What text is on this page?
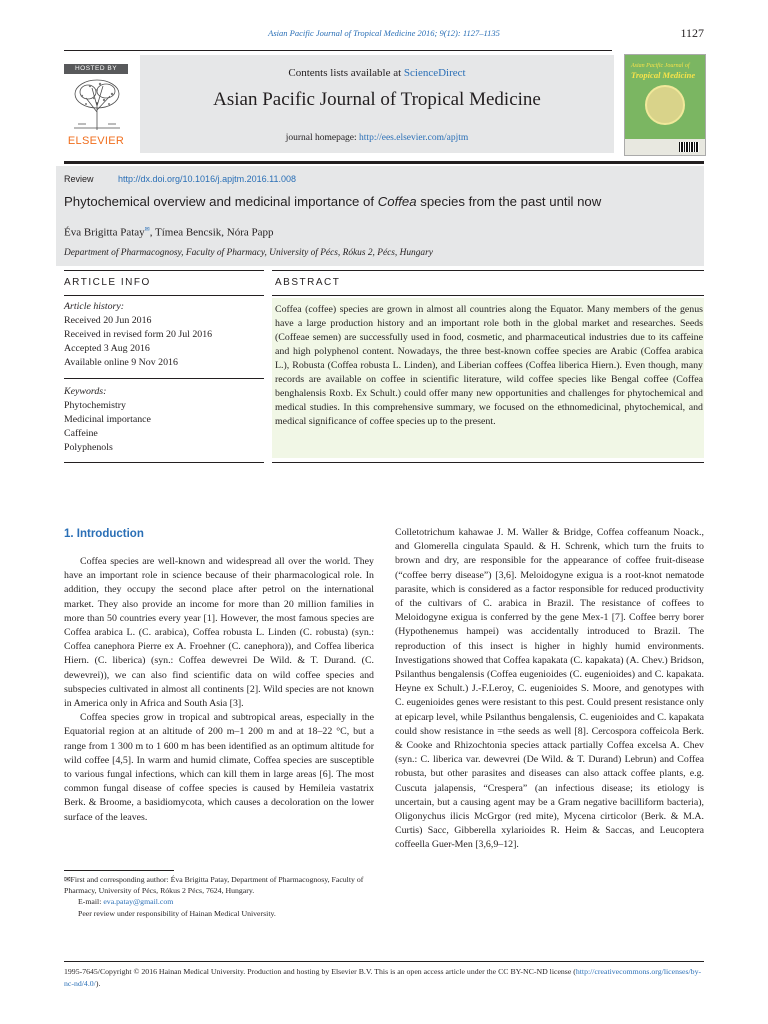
Asian Pacific Journal of Tropical Medicine 2016; 9(12): 1127–1135	1127
HOSTED BY
ELSEVIER
Contents lists available at ScienceDirect
Asian Pacific Journal of Tropical Medicine
journal homepage: http://ees.elsevier.com/apjtm
Asian Pacific Journal of
Tropical Medicine
Review	http://dx.doi.org/10.1016/j.apjtm.2016.11.008
Phytochemical overview and medicinal importance of Coffea species from the past until now
Éva Brigitta Patay✉, Tímea Bencsik, Nóra Papp
Department of Pharmacognosy, Faculty of Pharmacy, University of Pécs, Rókus 2, Pécs, Hungary
ARTICLE INFO	ABSTRACT
Article history:
Received 20 Jun 2016
Received in revised form 20 Jul 2016
Accepted 3 Aug 2016
Available online 9 Nov 2016
Keywords:
Phytochemistry
Medicinal importance
Caffeine
Polyphenols
Coffea (coffee) species are grown in almost all countries along the Equator. Many members of the genus have a large production history and an important role both in the global market and researches. Seeds (Coffeae semen) are successfully used in food, cosmetic, and pharmaceutical industries due to its caffeine and high polyphenol content. Nowadays, the three best-known coffee species are Arabic (Coffea arabica L.), Robusta (Coffea robusta L. Linden), and Liberian coffees (Coffea liberica Hiern.). Even though, many records are available on coffee in scientific literature, wild coffee species like Bengal coffee (Coffea benghalensis Roxb. Ex Schult.) could offer many new opportunities and challenges for phytochemical and medical studies. In this comprehensive summary, we focused on the ethnomedicinal, phytochemical, and medical significance of coffee species up to the present.
1. Introduction

Coffea species are well-known and widespread all over the world. They have an important role in science because of their pharmacological role. In addition, they occupy the second place after petrol on the international market. They also provide an income for more than 20 million families in more than 50 countries every year [1]. However, the most famous species are Coffea arabica L. (C. arabica), Coffea robusta L. Linden (C. robusta) (syn.: Coffea canephora Pierre ex A. Froehner (C. canephora)), and Coffea liberica Hiern. (C. liberica) (syn.: Coffea dewevrei De Wild. & T. Durand. (C. dewevrei)), we can also find scientific data on wild coffee species and subspecies cultivated in almost all continents [2]. Wild species are not known in America only in Africa and South Asia [3].

Coffea species grow in tropical and subtropical areas, especially in the Equatorial region at an altitude of 200 m–1 200 m and at 18–22 °C, but a range from 1 300 m to 1 600 m has been identified as an optimum altitude for wild coffee [4,5]. In warm and humid climate, Coffea species are susceptible to various fungal infections, which can kill them in large areas [6]. The most common fungal disease of coffee species is caused by Hemileia vastatrix Berk. & Broome, a basidiomycota, which causes a decoloration on the lower surface of the leaves.

Colletotrichum kahawae J. M. Waller & Bridge, Coffea coffeanum Noack., and Glomerella cingulata Spauld. & H. Schrenk, which turn the fruits to brown and dry, are responsible for the appearance of coffee fruit-disease (“coffee berry disease”) [3,6]. Meloidogyne exigua is a root-knot nematode parasite, which is considered as a factor responsible for reduced productivity of the cultivars of C. arabica in Brazil. The resistance of coffees to Meloidogyne exigua is conferred by the gene Mex-1 [7]. Coffee berry borer (Hypothenemus hampei) was accidentally introduced to Brazil. The reproduction of this insect is higher in highly humid environments. Investigations showed that Coffea kapakata (C. kapakata) (A. Chev.) Bridson, Psilanthus bengalensis (Coffea eugenioides (C. eugenioides) and C. kapakata. Heyne ex Schult.) J.-F.Leroy, C. eugenioides S. Moore, and genotypes with C. eugenioides genes were resistant to this pest. Could present resistance only at epicarp level, while Psilanthus bengalensis, C. eugenioides and C. kapakata could show resistance in =the seeds as well [8]. Cercospora coffeicola Berk. & Cooke and Rhizochtonia species attack partially Coffea excelsa A. Chev (syn.: C. liberica var. dewevrei (De Wild. & T. Durand) Lebrun) and Coffea robusta, but other parasites and diseases can also attack coffee plants, e.g. Cuscuta jalapensis, “Crespera” (an infectious disease; its etiology is uncertain, but a causing agent may be a Gram negative bacilliform bacteria), Oligonychus ilicis McGrgor (red mite), Mycena cirticolor (Berk. & M.A. Curtis) Sacc, Gibberella xylarioides R. Heim & Saccas, and Leucoptera coffeella Guer-Men [3,6,9–12].

✉First and corresponding author: Éva Brigitta Patay, Department of Pharmacognosy, Faculty of Pharmacy, University of Pécs, Rókus 2 Pécs, 7624, Hungary.
E-mail: eva.patay@gmail.com
Peer review under responsibility of Hainan Medical University.
1995-7645/Copyright © 2016 Hainan Medical University. Production and hosting by Elsevier B.V. This is an open access article under the CC BY-NC-ND license (http://creativecommons.org/licenses/by-nc-nd/4.0/).
